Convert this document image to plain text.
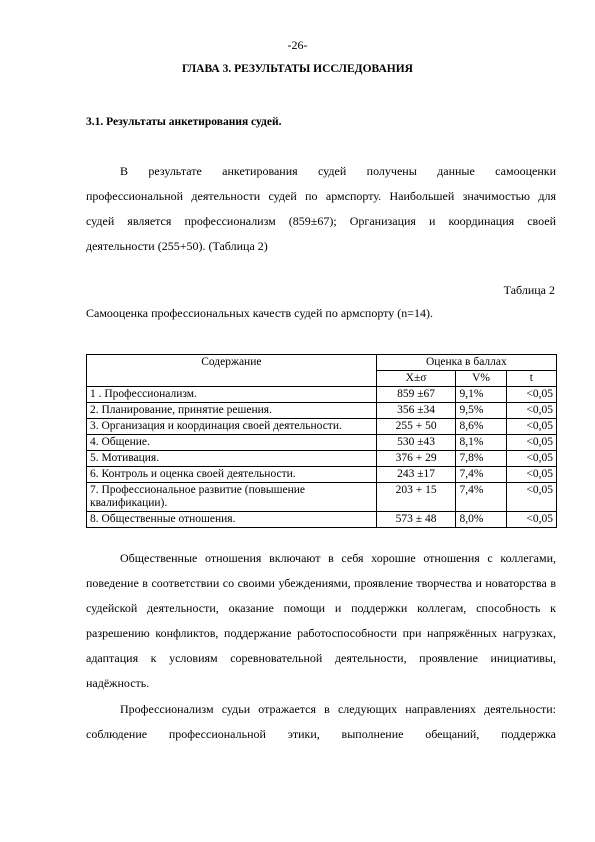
-26-
ГЛАВА 3. РЕЗУЛЬТАТЫ ИССЛЕДОВАНИЯ
3.1. Результаты анкетирования судей.
В результате анкетирования судей получены данные самооценки
профессиональной деятельности судей по армспорту. Наибольшей значимостью для
судей является профессионализм (859±67); Организация и координация своей
деятельности (255+50). (Таблица 2)
Таблица 2
Самооценка профессиональных качеств судей по армспорту (n=14).
Содержание	Оценка в баллах		
	X±σ	V%	t
1 . Профессионализм.	859 ±67	9,1%	<0,05
2. Планирование, принятие решения.	356 ±34	9,5%	<0,05
3. Организация и координация своей деятельности.	255 + 50	8,6%	<0,05
4. Общение.	530 ±43	8,1%	<0,05
5. Мотивация.	376 + 29	7,8%	<0,05
6. Контроль и оценка своей деятельности.	243 ±17	7,4%	<0,05
7. Профессиональное развитие (повышение квалификации).	203 + 15	7,4%	<0,05
8. Общественные отношения.	573 ± 48	8,0%	<0,05
Общественные отношения включают в себя хорошие отношения с коллегами,
поведение в соответствии со своими убеждениями, проявление творчества и новаторства в
судейской деятельности, оказание помощи и поддержки коллегам, способность к
разрешению конфликтов, поддержание работоспособности при напряжённых нагрузках,
адаптация к условиям соревновательной деятельности, проявление инициативы,
надёжность.
Профессионализм судьи отражается в следующих направлениях деятельности:
соблюдение профессиональной этики, выполнение обещаний, поддержка
